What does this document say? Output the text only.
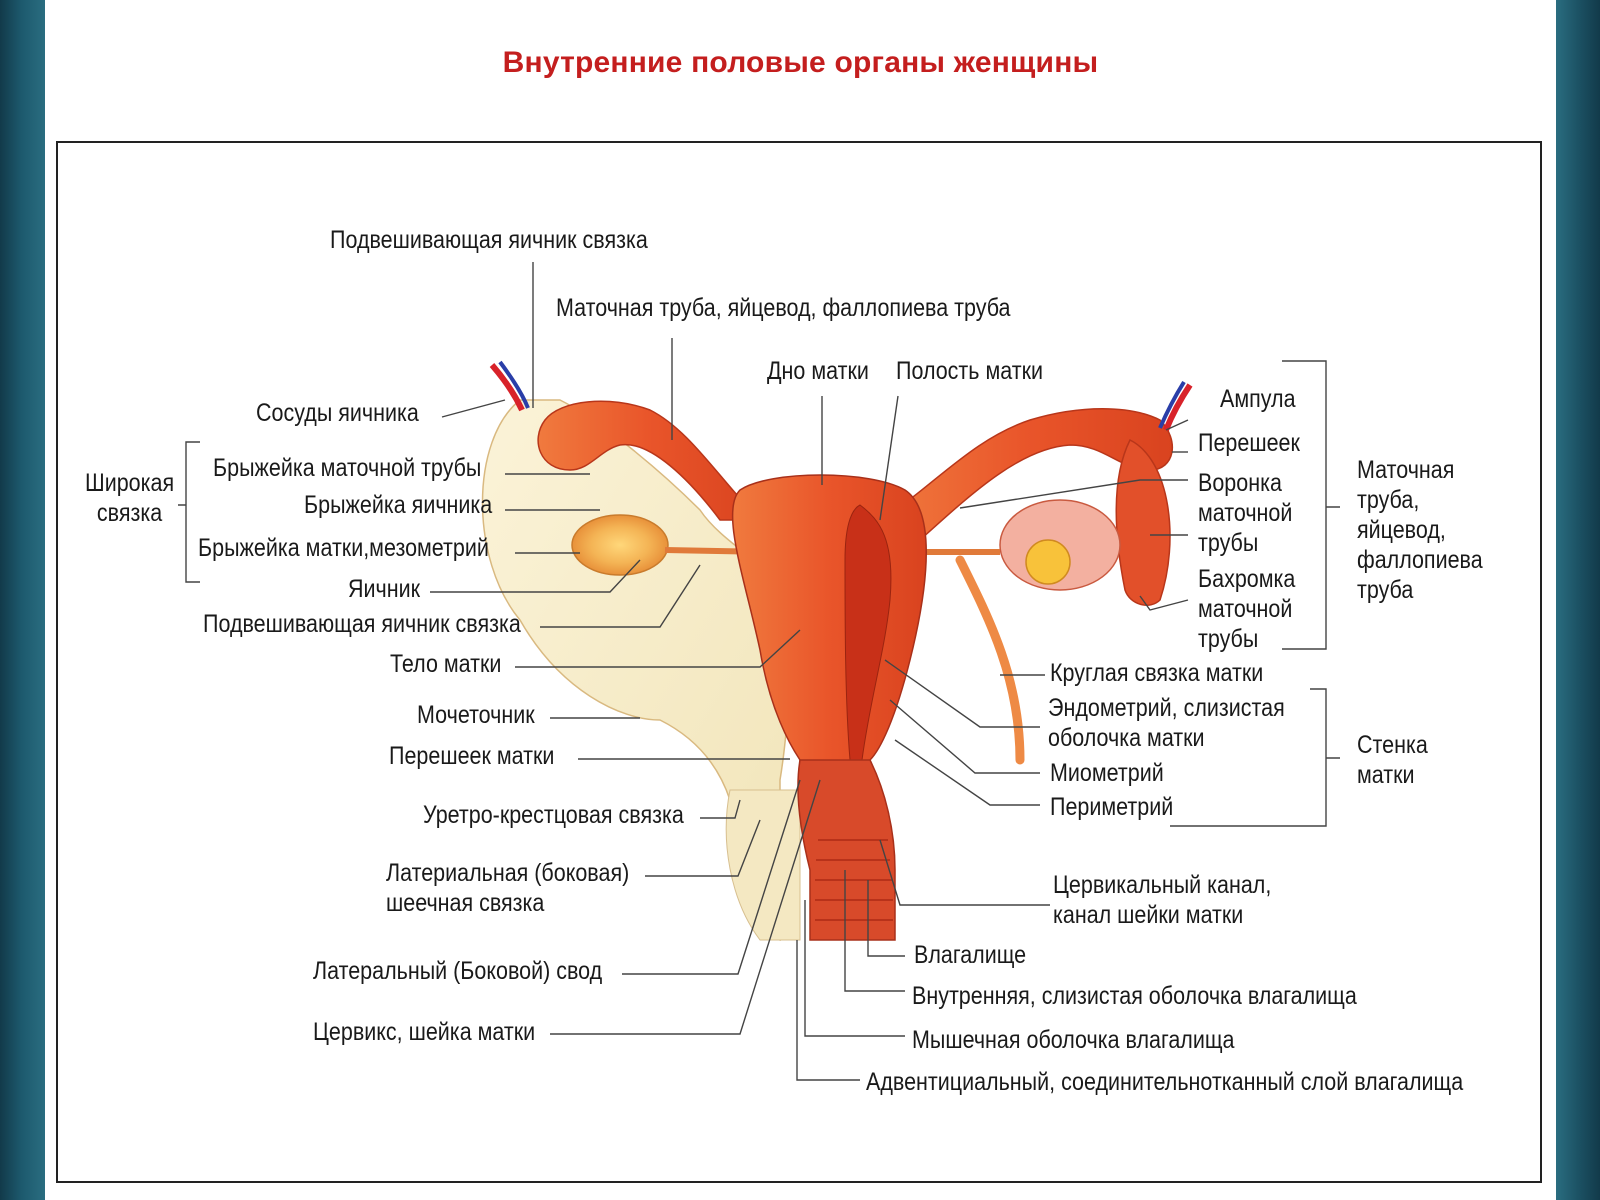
Внутренние половые органы женщины
Подвешивающая яичник связка
Маточная труба, яйцевод, фаллопиева труба
Дно матки Полость матки
Сосуды яичника
Широкая
связка
Брыжейка маточной трубы
Брыжейка яичника
Брыжейка матки,мезометрий
Яичник
Подвешивающая яичник связка
Тело матки
Мочеточник
Перешеек матки
Уретро-крестцовая связка
Латериальная (боковая)
шеечная связка
Латеральный (Боковой) свод
Цервикс, шейка матки
Ампула
Перешеек
Воронка
маточной
трубы
Бахромка
маточной
трубы
Маточная
труба,
яйцевод,
фаллопиева
труба
Круглая связка матки
Эндометрий, слизистая
оболочка матки
Миометрий
Периметрий
Стенка
матки
Цервикальный канал,
канал шейки матки
Влагалище
Внутренняя, слизистая оболочка влагалища
Мышечная оболочка влагалища
Адвентициальный, соединительнотканный слой влагалища
